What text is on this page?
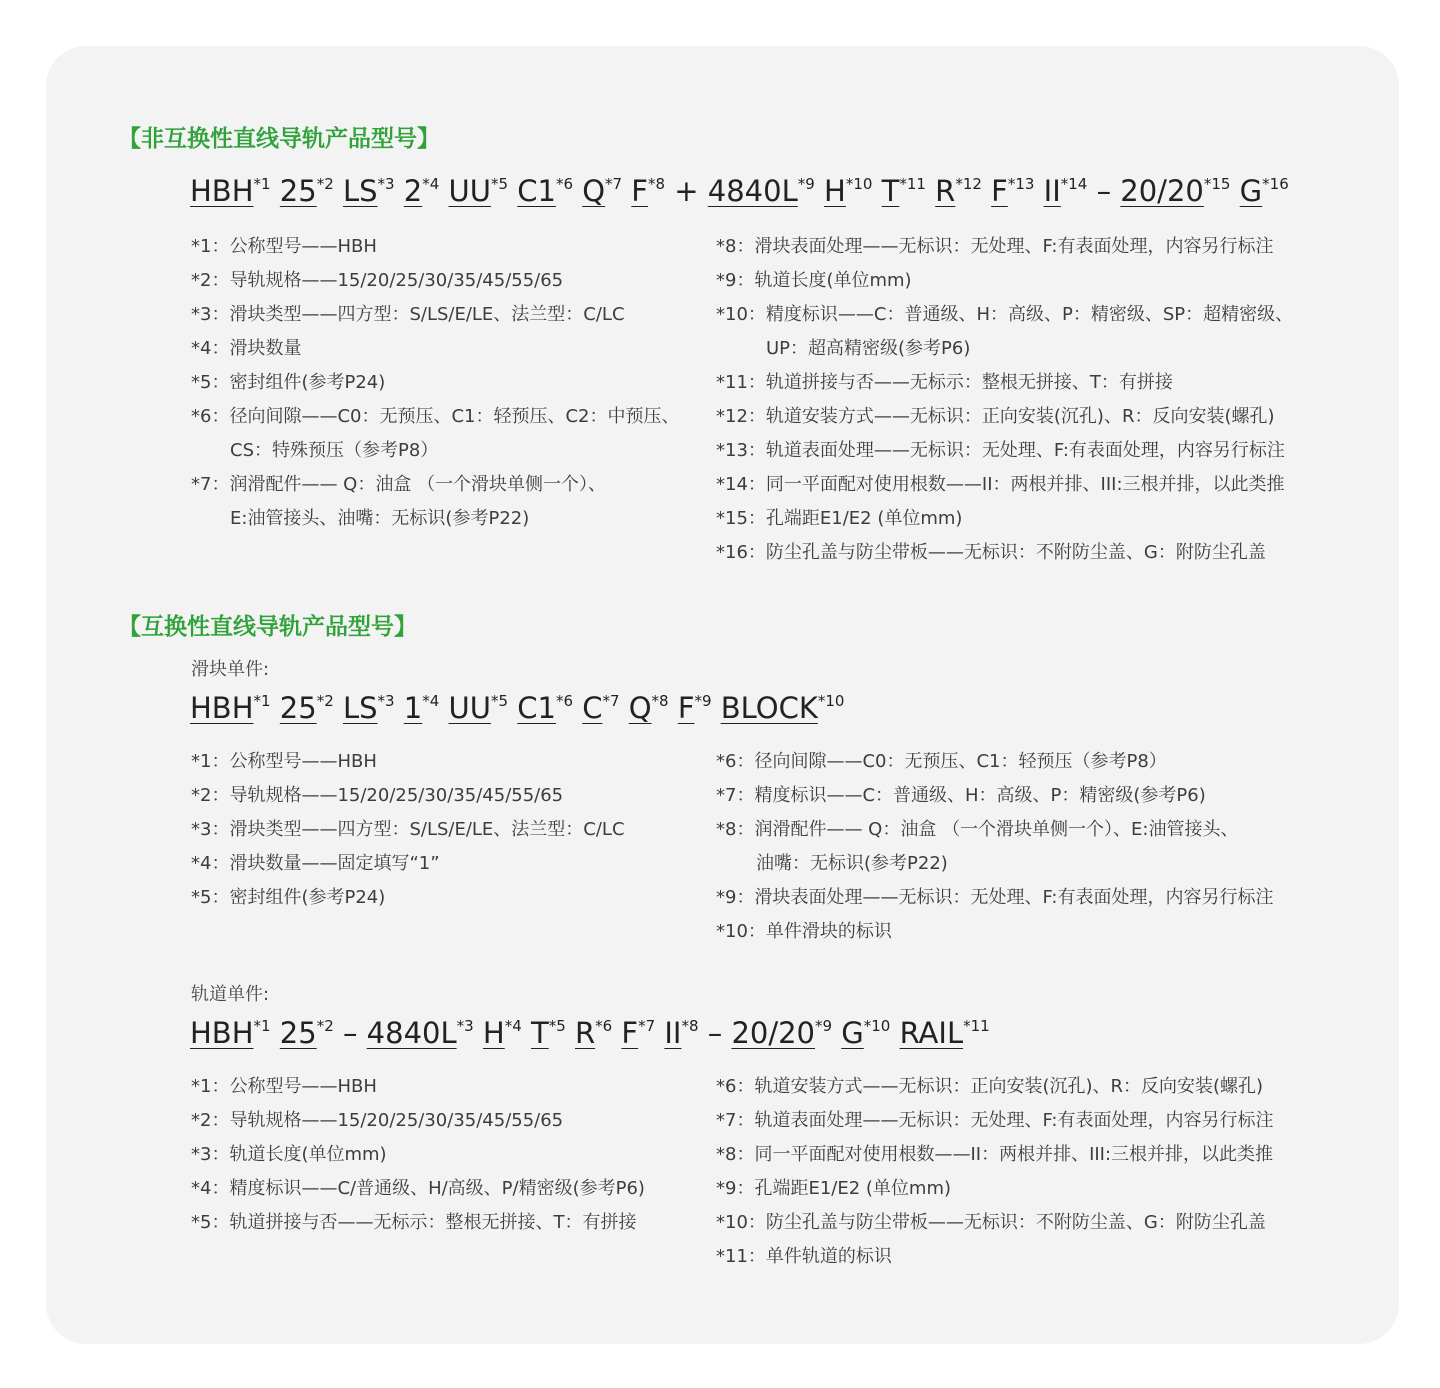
【非互换性直线导轨产品型号】
HBH$^{*1}$ 25$^{*2}$ LS$^{*3}$ 2$^{*4}$ UU$^{*5}$ C1$^{*6}$ $Q^{*7}$ $F^{*8} + 4840L^{*9}$ $H^{*10}$ $T^{*11}$ $R^{*12}$ $F^{*13}$ II$^{*14}$ – 20/20$^{*15}$ $G^{*16}$
*1：公称型号——HBH
*2：导轨规格——15/20/25/30/35/45/55/65
*3：滑块类型——四方型：S/LS/E/LE、法兰型：C/LC
*4：滑块数量
*5：密封组件(参考P24)
*6：径向间隙——C0：无预压、C1：轻预压、C2：中预压、
CS：特殊预压（参考P8）
*7：润滑配件—— Q：油盒 （一个滑块单侧一个）、
E:油管接头、油嘴：无标识(参考P22)
*8：滑块表面处理——无标识：无处理、F:有表面处理，内容另行标注
*9：轨道长度(单位mm)
*10：精度标识——C：普通级、H：高级、P：精密级、SP：超精密级、
UP：超高精密级(参考P6)
*11：轨道拼接与否——无标示：整根无拼接、T：有拼接
*12：轨道安装方式——无标识：正向安装(沉孔)、R：反向安装(螺孔)
*13：轨道表面处理——无标识：无处理、F:有表面处理，内容另行标注
*14：同一平面配对使用根数——II：两根并排、III:三根并排，以此类推
*15：孔端距E1/E2 (单位mm)
*16：防尘孔盖与防尘带板——无标识：不附防尘盖、G：附防尘孔盖
【互换性直线导轨产品型号】
滑块单件:
HBH$^{*1}$ 25$^{*2}$ LS$^{*3}$ 1$^{*4}$ UU$^{*5}$ C1$^{*6}$ $C^{*7}$ $Q^{*8}$ $F^{*9}$ BLOCK$^{*10}$
*1：公称型号——HBH
*2：导轨规格——15/20/25/30/35/45/55/65
*3：滑块类型——四方型：S/LS/E/LE、法兰型：C/LC
*4：滑块数量——固定填写“1”
*5：密封组件(参考P24)
*6：径向间隙——C0：无预压、C1：轻预压（参考P8）
*7：精度标识——C：普通级、H：高级、P：精密级(参考P6)
*8：润滑配件—— Q：油盒 （一个滑块单侧一个）、E:油管接头、
油嘴：无标识(参考P22)
*9：滑块表面处理——无标识：无处理、F:有表面处理，内容另行标注
*10：单件滑块的标识
轨道单件:
HBH$^{*1}$ $25^{*2} - 4840L^{*3}$ $H^{*4}$ $T^{*5}$ $R^{*6}$ $F^{*7}$ II$^{*8}$ – 20/20$^{*9}$ $G^{*10}$ RAIL$^{*11}$
*1：公称型号——HBH
*2：导轨规格——15/20/25/30/35/45/55/65
*3：轨道长度(单位mm)
*4：精度标识——C/普通级、H/高级、P/精密级(参考P6)
*5：轨道拼接与否——无标示：整根无拼接、T：有拼接
*6：轨道安装方式——无标识：正向安装(沉孔)、R：反向安装(螺孔)
*7：轨道表面处理——无标识：无处理、F:有表面处理，内容另行标注
*8：同一平面配对使用根数——II：两根并排、III:三根并排，以此类推
*9：孔端距E1/E2 (单位mm)
*10：防尘孔盖与防尘带板——无标识：不附防尘盖、G：附防尘孔盖
*11：单件轨道的标识
